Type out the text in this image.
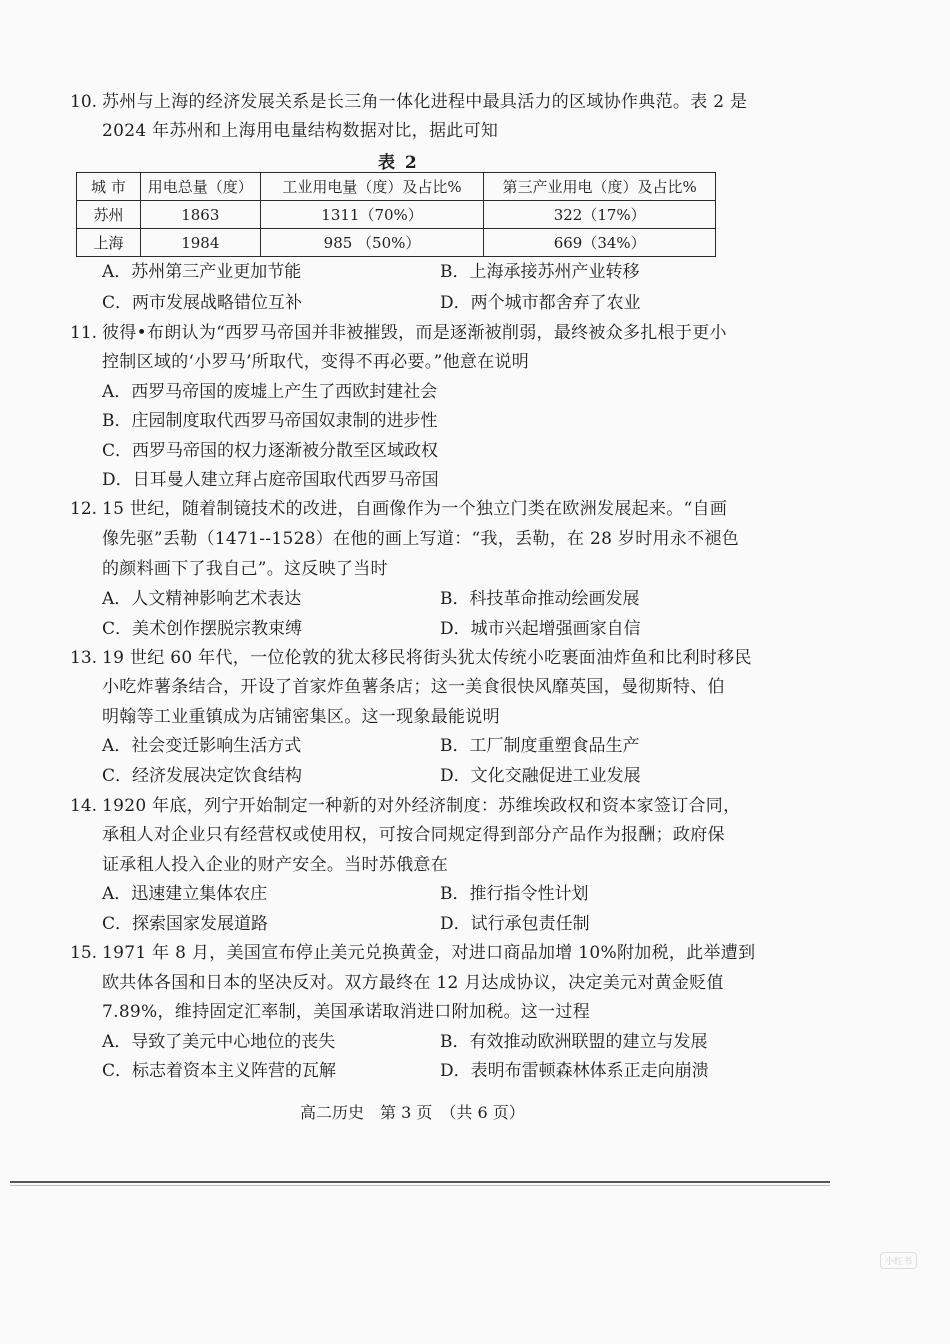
10. 苏州与上海的经济发展关系是长三角一体化进程中最具活力的区域协作典范。表 2 是
2024 年苏州和上海用电量结构数据对比，据此可知
表 2
城 市	用电总量（度）	工业用电量（度）及占比%	第三产业用电（度）及占比%
苏州	1863	1311（70%）	322（17%）
上海	1984	985 （50%）	669（34%）
A．苏州第三产业更加节能	B．上海承接苏州产业转移
C．两市发展战略错位互补	D．两个城市都舍弃了农业
11. 彼得•布朗认为“西罗马帝国并非被摧毁，而是逐渐被削弱，最终被众多扎根于更小
控制区域的‘小罗马’所取代，变得不再必要。”他意在说明
A．西罗马帝国的废墟上产生了西欧封建社会
B．庄园制度取代西罗马帝国奴隶制的进步性
C．西罗马帝国的权力逐渐被分散至区域政权
D．日耳曼人建立拜占庭帝国取代西罗马帝国
12. 15 世纪，随着制镜技术的改进，自画像作为一个独立门类在欧洲发展起来。“自画
像先驱”丢勒（1471--1528）在他的画上写道：“我，丢勒，在 28 岁时用永不褪色
的颜料画下了我自己”。这反映了当时
A．人文精神影响艺术表达	B．科技革命推动绘画发展
C．美术创作摆脱宗教束缚	D．城市兴起增强画家自信
13. 19 世纪 60 年代，一位伦敦的犹太移民将街头犹太传统小吃裹面油炸鱼和比利时移民
小吃炸薯条结合，开设了首家炸鱼薯条店；这一美食很快风靡英国，曼彻斯特、伯
明翰等工业重镇成为店铺密集区。这一现象最能说明
A．社会变迁影响生活方式	B．工厂制度重塑食品生产
C．经济发展决定饮食结构	D．文化交融促进工业发展
14. 1920 年底，列宁开始制定一种新的对外经济制度：苏维埃政权和资本家签订合同，
承租人对企业只有经营权或使用权，可按合同规定得到部分产品作为报酬；政府保
证承租人投入企业的财产安全。当时苏俄意在
A．迅速建立集体农庄	B．推行指令性计划
C．探索国家发展道路	D．试行承包责任制
15. 1971 年 8 月，美国宣布停止美元兑换黄金，对进口商品加增 10%附加税，此举遭到
欧共体各国和日本的坚决反对。双方最终在 12 月达成协议，决定美元对黄金贬值
7.89%，维持固定汇率制，美国承诺取消进口附加税。这一过程
A．导致了美元中心地位的丧失	B．有效推动欧洲联盟的建立与发展
C．标志着资本主义阵营的瓦解	D．表明布雷顿森林体系正走向崩溃
高二历史　第 3 页　（共 6 页）
小红书
